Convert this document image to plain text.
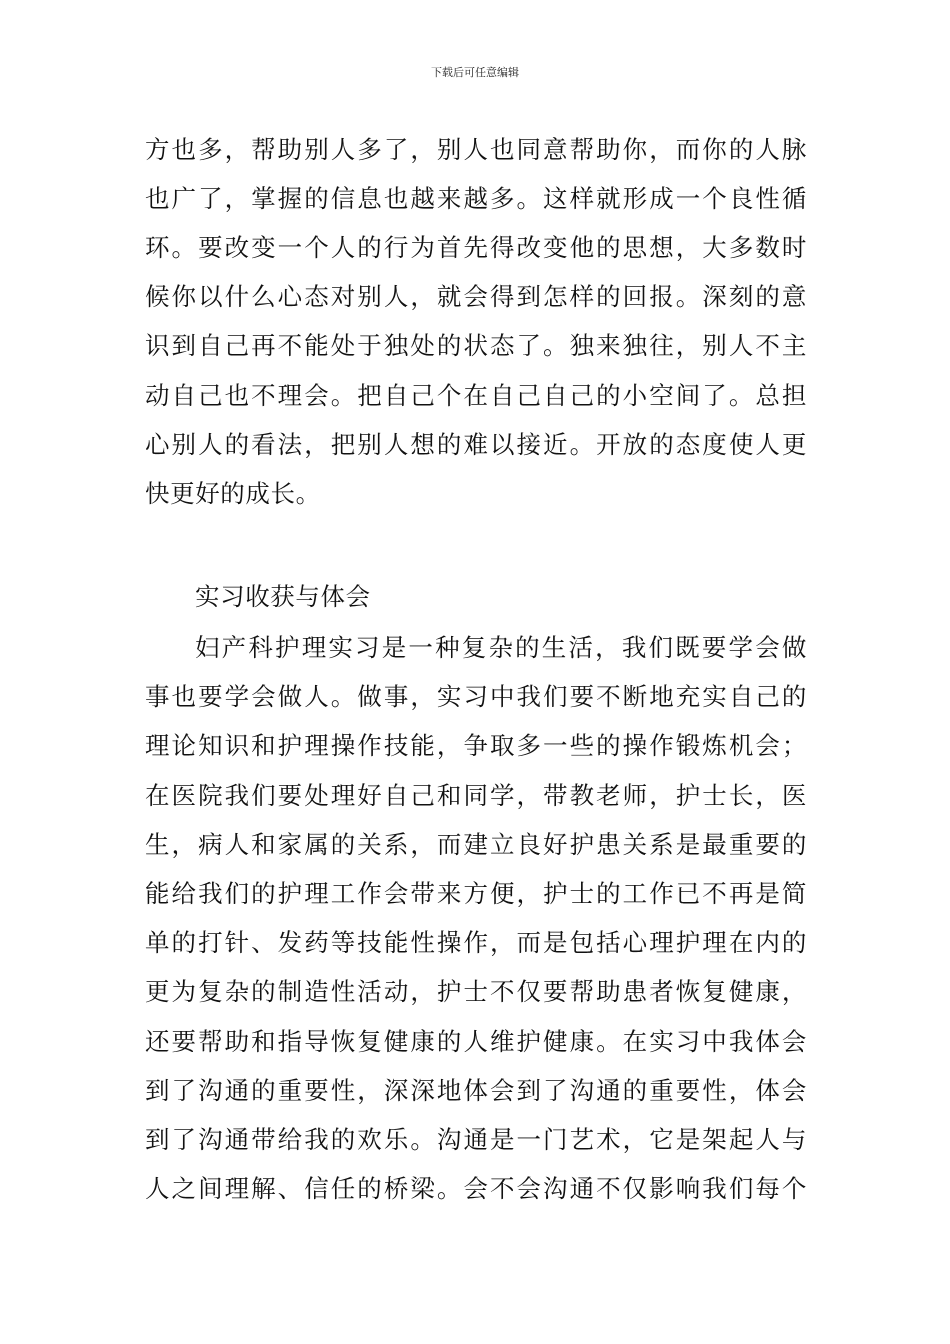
下载后可任意编辑
方也多，帮助别人多了，别人也同意帮助你，而你的人脉
也广了，掌握的信息也越来越多。这样就形成一个良性循
环。要改变一个人的行为首先得改变他的思想，大多数时
候你以什么心态对别人，就会得到怎样的回报。深刻的意
识到自己再不能处于独处的状态了。独来独往，别人不主
动自己也不理会。把自己个在自己自己的小空间了。总担
心别人的看法，把别人想的难以接近。开放的态度使人更
快更好的成长。
实习收获与体会
妇产科护理实习是一种复杂的生活，我们既要学会做
事也要学会做人。做事，实习中我们要不断地充实自己的
理论知识和护理操作技能，争取多一些的操作锻炼机会；
在医院我们要处理好自己和同学，带教老师，护士长，医
生，病人和家属的关系，而建立良好护患关系是最重要的
能给我们的护理工作会带来方便，护士的工作已不再是简
单的打针、发药等技能性操作，而是包括心理护理在内的
更为复杂的制造性活动，护士不仅要帮助患者恢复健康，
还要帮助和指导恢复健康的人维护健康。在实习中我体会
到了沟通的重要性，深深地体会到了沟通的重要性，体会
到了沟通带给我的欢乐。沟通是一门艺术，它是架起人与
人之间理解、信任的桥梁。会不会沟通不仅影响我们每个
